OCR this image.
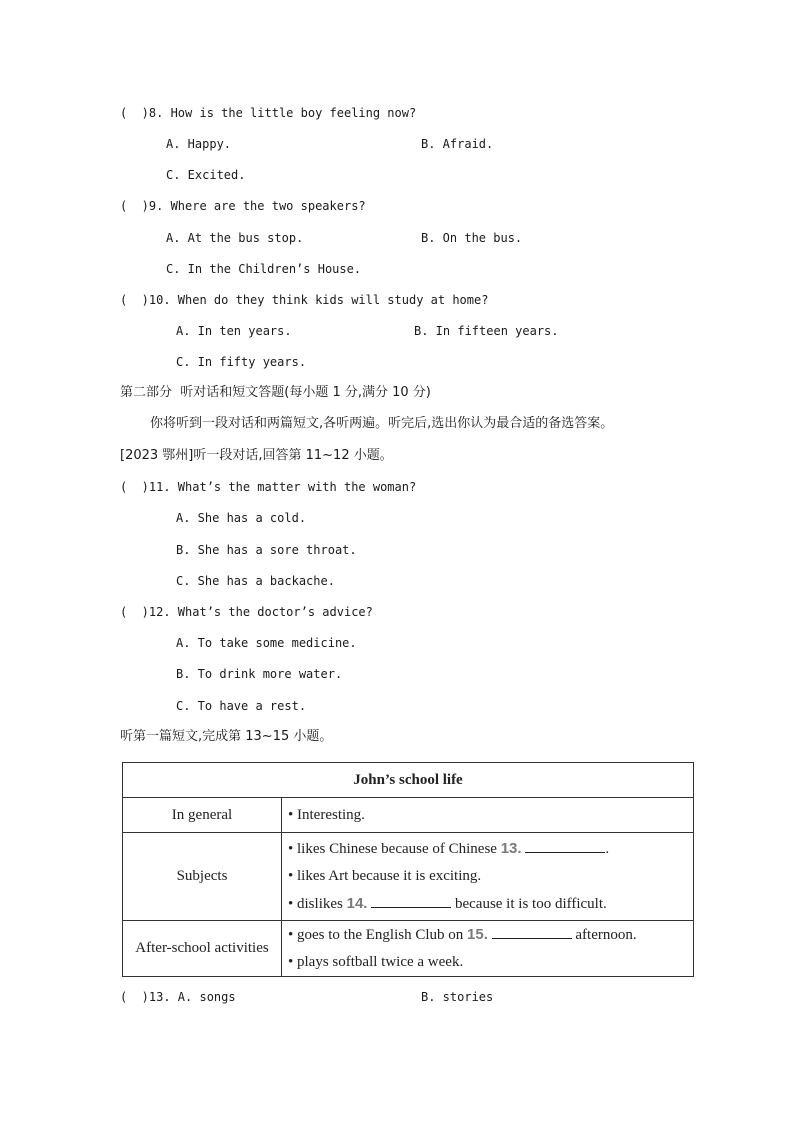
(  )8. How is the little boy feeling now?
A. Happy.	B. Afraid.
C. Excited.
(  )9. Where are the two speakers?
A. At the bus stop.	B. On the bus.
C. In the Children’s House.
(  )10. When do they think kids will study at home?
A. In ten years.	B. In fifteen years.
C. In fifty years.
第二部分  听对话和短文答题(每小题 1 分,满分 10 分)
你将听到一段对话和两篇短文,各听两遍。听完后,选出你认为最合适的备选答案。
[2023 鄂州]听一段对话,回答第 11~12 小题。
(  )11. What’s the matter with the woman?
A. She has a cold.
B. She has a sore throat.
C. She has a backache.
(  )12. What’s the doctor’s advice?
A. To take some medicine.
B. To drink more water.
C. To have a rest.
听第一篇短文,完成第 13~15 小题。
John’s school life	
In general	• Interesting.

Subjects	• likes Chinese because of Chinese 13. .
• likes Art because it is exciting.
• dislikes 14. because it is too difficult.

After-school activities	• goes to the English Club on 15. afternoon.
• plays softball twice a week.
(  )13. A. songs	B. stories
